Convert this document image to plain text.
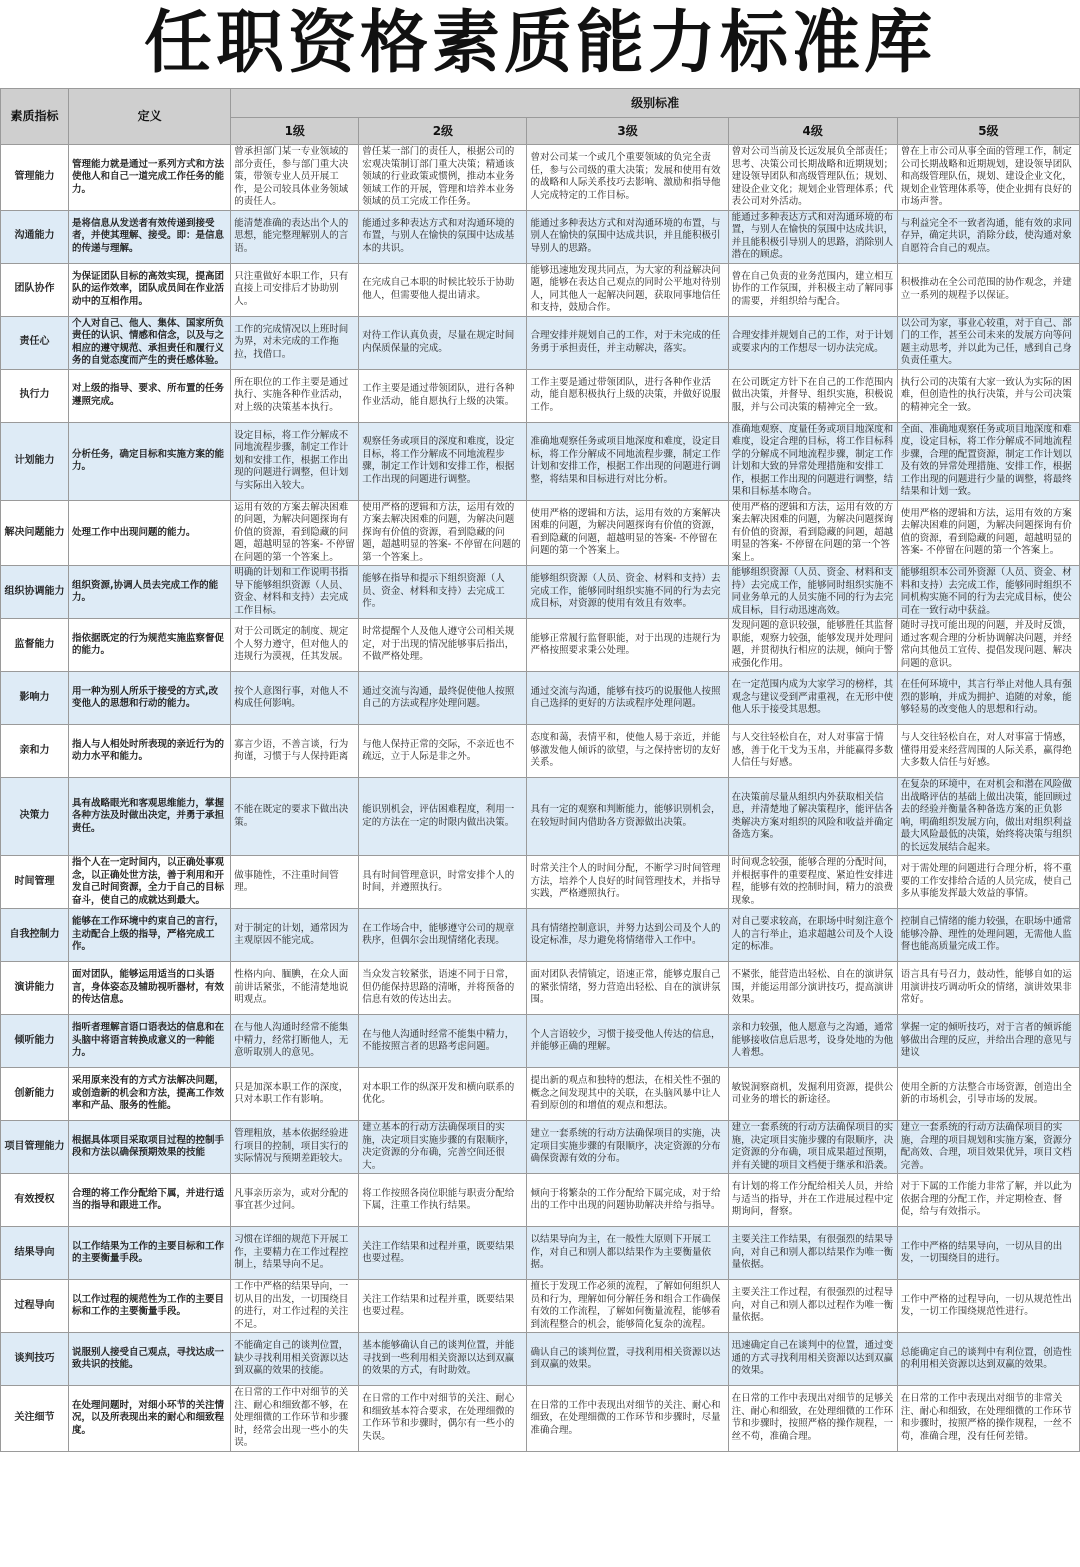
任职资格素质能力标准库
素质指标	定义	级别标准				
		1级	2级	3级	4级	5级
管理能力	管理能力就是通过一系列方式和方法使他人和自己一道完成工作任务的能力。	曾承担部门某一专业领域的部分责任，参与部门重大决策，带领专业人员开展工作，是公司较具体业务领域的责任人。	曾任某一部门的责任人，根据公司的宏观决策制订部门重大决策；精通该领域的行业政策或惯例，推动本业务领域工作的开展，管理和培养本业务领域的员工完成工作任务。	曾对公司某一个或几个重要领域的负完全责任，参与公司级的重大决策；发展和使用有效的战略和人际关系技巧去影响、激励和指导他人完成特定的工作目标。	曾对公司当前及长远发展负全部责任；思考、决策公司长期战略和近期规划；建设领导团队和高级管理队伍；规划、建设企业文化；规划企业管理体系；代表公司对外活动。	曾在上市公司从事全面的管理工作，制定公司长期战略和近期规划，建设领导团队和高级管理队伍，规划、建设企业文化，规划企业管理体系等，使企业拥有良好的市场声誉。
沟通能力	是将信息从发送者有效传递到接受者，并使其理解、接受。即：是信息的传递与理解。	能清楚准确的表达出个人的思想，能完整理解别人的言语。	能通过多种表达方式和对沟通环境的布置，与别人在愉快的氛围中达成基本的共识。	能通过多种表达方式和对沟通环境的布置，与别人在愉快的氛围中达成共识，并且能积极引导别人的思路。	能通过多种表达方式和对沟通环境的布置，与别人在愉快的氛围中达成共识，并且能积极引导别人的思路，消除别人潜在的顾虑。	与利益完全不一致者沟通，能有效的求同存异，确定共识，消除分歧，使沟通对象自愿符合自己的观点。
团队协作	为保证团队目标的高效实现，提高团队的运作效率，团队成员间在作业活动中的互相作用。	只注重做好本职工作，只有直接上司安排后才协助别人。	在完成自己本职的时候比较乐于协助他人，但需要他人提出请求。	能够迅速地发现共同点，为大家的利益解决问题，能够在表达自己观点的同时公平地对待别人，同其他人一起解决问题，获取同事地信任和支持，鼓励合作。	曾在自己负责的业务范围内，建立相互协作的工作氛围，并积极主动了解同事的需要，并组织给与配合。	积极推动在全公司范围的协作观念，并建立一系列的规程予以保证。
责任心	个人对自己、他人、集体、国家所负责任的认识、情感和信念，以及与之相应的遵守规范、承担责任和履行义务的自觉态度而产生的责任感体验。	工作的完成情况以上班时间为界，对未完成的工作拖拉，找借口。	对待工作认真负责，尽量在规定时间内保质保量的完成。	合理安排并规划自己的工作，对于未完成的任务勇于承担责任，并主动解决，落实。	合理安排并规划自己的工作，对于计划或要求内的工作想尽一切办法完成。	以公司为家，事业心较重，对于自己、部门的工作，甚至公司未来的发展方向等问题主动思考，并以此为己任，感到自己身负责任重大。
执行力	对上级的指导、要求、所布置的任务遵照完成。	所在职位的工作主要是通过执行、实施各种作业活动，对上级的决策基本执行。	工作主要是通过带领团队，进行各种作业活动，能自愿执行上级的决策。	工作主要是通过带领团队，进行各种作业活动，能自愿积极执行上级的决策，并做好说服工作。	在公司既定方针下在自己的工作范围内做出决策，并督导、组织实施，积极说服，并与公司决策的精神完全一致。	执行公司的决策有大家一致认为实际的困难，但创造性的执行决策，并与公司决策的精神完全一致。
计划能力	分析任务，确定目标和实施方案的能力。	设定目标，将工作分解成不同地流程步骤，制定工作计划和安排工作，根据工作出现的问题进行调整，但计划与实际出入较大。	观察任务或项目的深度和难度，设定目标，将工作分解成不同地流程步骤，制定工作计划和安排工作，根据工作出现的问题进行调整。	准确地观察任务或项目地深度和难度，设定目标，将工作分解成不同地流程步骤，制定工作计划和安排工作，根据工作出现的问题进行调整，将结果和目标进行对比分析。	准确地观察、度量任务或项目地深度和难度，设定合理的目标，将工作目标科学的分解成不同地流程步骤，制定工作计划和大致的异常处理措施和安排工作，根据工作出现的问题进行调整，结果和目标基本吻合。	全面、准确地观察任务或项目地深度和难度，设定目标，将工作分解成不同地流程步骤，合理的配置资源，制定工作计划以及有效的异常处理措施、安排工作，根据工作出现的问题进行少量的调整，将最终结果和计划一致。
解决问题能力	处理工作中出现问题的能力。	运用有效的方案去解决困难的问题，为解决问题探询有价值的资源，看到隐藏的问题，超越明显的答案- 不停留在问题的第一个答案上。	使用严格的逻辑和方法，运用有效的方案去解决困难的问题，为解决问题探询有价值的资源，看到隐藏的问题，超越明显的答案- 不停留在问题的第一个答案上。	使用严格的逻辑和方法，运用有效的方案解决困难的问题，为解决问题探询有价值的资源，看到隐藏的问题，超越明显的答案- 不停留在问题的第一个答案上。	使用严格的逻辑和方法，运用有效的方案去解决困难的问题，为解决问题探询有价值的资源，看到隐藏的问题，超越明显的答案- 不停留在问题的第一个答案上。	使用严格的逻辑和方法，运用有效的方案去解决困难的问题，为解决问题探询有价值的资源，看到隐藏的问题，超越明显的答案- 不停留在问题的第一个答案上。
组织协调能力	组织资源,协调人员去完成工作的能力。	明确的计划和工作说明书指导下能够组织资源（人员、资金、材料和支持）去完成工作目标。	能够在指导和提示下组织资源（人员、资金、材料和支持）去完成工作。	能够组织资源（人员、资金、材料和支持）去完成工作，能够同时组织实施不同的行为去完成目标，对资源的使用有效且有效率。	能够组织资源（人员、资金、材料和支持）去完成工作，能够同时组织实施不同业务单元的人员实施不同的行为去完成目标，目行动迅速高效。	能够组织本公司外资源（人员、资金、材料和支持）去完成工作，能够同时组织不同机构实施不同的行为去完成目标，使公司在一致行动中获益。
监督能力	指依据既定的行为规范实施监察督促的能力。	对于公司既定的制度、规定个人努力遵守，但对他人的违规行为漠视，任其发展。	时常提醒个人及他人遵守公司相关规定，对于出现的情况能够事后指出，不做严格处理。	能够正常履行监督职能，对于出现的违规行为严格按照要求秉公处理。	发现问题的意识较强，能够胜任其监督职能，观察力较强，能够发现并处理问题，并贯彻执行相应的法规，倾向于警戒强化作用。	随时寻找可能出现的问题，并及时反馈，通过客观合理的分析协调解决问题，并经常向其他员工宣传、提倡发现问题、解决问题的意识。
影响力	用一种为别人所乐于接受的方式,改变他人的思想和行动的能力。	按个人意图行事，对他人不构成任何影响。	通过交流与沟通，最终促使他人按照自己的方法或程序处理问题。	通过交流与沟通，能够有技巧的说服他人按照自己选择的更好的方法或程序处理问题。	在一定范围内成为大家学习的榜样，其观念与建议受到严肃重视，在无形中使他人乐于接受其思想。	在任何环境中，其言行举止对他人具有强烈的影响，并成为拥护、追随的对象，能够轻易的改变他人的思想和行动。
亲和力	指人与人相处时所表现的亲近行为的动力水平和能力。	寡言少语，不善言谈，行为拘谨，习惯于与人保持距离	与他人保持正常的交际，不亲近也不疏远，立于人际是非之外。	态度和蔼，表情平和，使他人易于亲近，并能够激发他人倾诉的欲望，与之保持密切的友好关系。	与人交往轻松自在，对人对事富于情感，善于化干戈为玉帛，并能赢得多数人信任与好感。	与人交往轻松自在，对人对事富于情感，懂得用爱来经营周围的人际关系，赢得绝大多数人信任与好感。
决策力	具有战略眼光和客观思维能力，掌握各种方法及时做出决定，并勇于承担责任。	不能在既定的要求下做出决策。	能识别机会，评估困难程度，利用一定的方法在一定的时限内做出决策。	具有一定的观察和判断能力，能够识别机会，在较短时间内借助各方资源做出决策。	在决策前尽量从组织内外获取相关信息，并清楚地了解决策程序，能评估各类解决方案对组织的风险和收益并确定备选方案。	在复杂的环境中，在对机会和潜在风险做出战略评估的基础上做出决策，能回顾过去的经验并衡量各种备选方案的正负影响，明确组织发展方向，做出对组织利益最大风险最低的决策，始终将决策与组织的长远发展结合起来。
时间管理	指个人在一定时间内，以正确处事观念，以正确处世方法，善于利用和开发自己时间资源，全力于自己的目标奋斗，使自己的成就达到最大。	做事随性，不注重时间管理。	具有时间管理意识，时常安排个人的时间，并遵照执行。	时常关注个人的时间分配，不断学习时间管理方法，培养个人良好的时间管理技术，并指导实践，严格遵照执行。	时间观念较强，能够合理的分配时间，并根据事件的重要程度、紧迫性安排进程，能够有效的控制时间，精力的浪费现象。	对于需处理的问题进行合理分析，将不重要的工作安排给合适的人员完成，使自己多从事能发挥最大效益的事情。
自我控制力	能够在工作环境中约束自己的言行，主动配合上级的指导，严格完成工作。	对于制定的计划，通常因为主观原因不能完成。	在工作场合中，能够遵守公司的规章秩序，但偶尔会出现情绪化表现。	具有情绪控制意识，并努力达到公司及个人的设定标准，尽力避免将情绪带入工作中。	对自己要求较高，在职场中时刻注意个人的言行举止，追求超越公司及个人设定的标准。	控制自己情绪的能力较强，在职场中通常能够冷静、理性的处理问题，无需他人监督也能高质量完成工作。
演讲能力	面对团队，能够运用适当的口头语言，身体姿态及辅助视听器材，有效的传达信息。	性格内向、腼腆，在众人面前讲话紧张，不能清楚地说明观点。	当众发言较紧张，语速不同于日常，但仍能保持思路的清晰，并将预备的信息有效的传达出去。	面对团队表情镇定，语速正常，能够克服自己的紧张情绪，努力营造出轻松、自在的演讲氛围。	不紧张，能营造出轻松、自在的演讲氛围，并能运用部分演讲技巧，提高演讲效果。	语言具有号召力，鼓动性，能够自如的运用演讲技巧调动听众的情绪，演讲效果非常好。
倾听能力	指听者理解言语口语表达的信息和在头脑中将语言转换成意义的一种能力。	在与他人沟通时经常不能集中精力，经常打断他人，无意听取别人的意见。	在与他人沟通时经常不能集中精力，不能按照言者的思路考虑问题。	个人言语较少，习惯于接受他人传达的信息，并能够正确的理解。	亲和力较强，他人愿意与之沟通，通常能够接收信息后思考，设身处地的为他人着想。	掌握一定的倾听技巧，对于言者的倾诉能够做出合理的反应，并给出合理的意见与建议
创新能力	采用原来没有的方式方法解决问题，或创造新的机会和方法，提高工作效率和产品、服务的性能。	只是加深本职工作的深度，只对本职工作有影响。	对本职工作的纵深开发和横向联系的优化。	提出新的观点和独特的想法，在相关性不强的概念之间发现其中的关联，在头脑风暴中让人看到原创的和增值的观点和想法。	敏锐洞察商机，发掘利用资源，提供公司业务的增长的新途径。	使用全新的方法整合市场资源，创造出全新的市场机会，引导市场的发展。
项目管理能力	根据具体项目采取项目过程的控制手段和方法以确保预期效果的技能	管理粗放，基本依据经验进行项目的控制，项目实行的实际情况与预期差距较大。	建立基本的行动方法确保项目的实施，决定项目实施步骤的有限顺序，决定资源的分布确，完善空间还很大。	建立一套系统的行动方法确保项目的实施，决定项目实施步骤的有限顺序，决定资源的分布确保资源有效的分布。	建立一套系统的行动方法确保项目的实施，决定项目实施步骤的有限顺序，决定资源的分布确，项目成果超过预期，并有关键的项目文档便于继承和沿袭。	建立一套系统的行动方法确保项目的实施，合理的项目规划和实施方案，资源分配高效、合理，项目效果优异，项目文档完善。
有效授权	合理的将工作分配给下属，并进行适当的指导和跟进工作。	凡事亲历亲为，或对分配的事宜甚少过问。	将工作按照各岗位职能与职责分配给下属，注重工作执行结果。	倾向于将繁杂的工作分配给下属完成，对于给出的工作中出现的问题协助解决并给与指导。	有计划的将工作分配给相关人员，并给与适当的指导，并在工作进展过程中定期询问，督察。	对于下属的工作能力非常了解，并以此为依据合理的分配工作，并定期检查、督促，给与有效指示。
结果导向	以工作结果为工作的主要目标和工作的主要衡量手段。	习惯在详细的规范下开展工作，主要精力在工作过程控制上，结果导向不足。	关注工作结果和过程并重，既要结果也要过程。	以结果导向为主，在一般性大原则下开展工作，对自己和别人都以结果作为主要衡量依据。	主要关注工作结果，有很强烈的结果导向，对自己和别人都以结果作为唯一衡量依据。	工作中严格的结果导向，一切从目的出发，一切围绕目的进行。
过程导向	以工作过程的规范性为工作的主要目标和工作的主要衡量手段。	工作中严格的结果导向，一切从目的出发，一切围绕目的进行，对工作过程的关注不足。	关注工作结果和过程并重，既要结果也要过程。	擅长于发现工作必须的流程，了解如何组织人员和行为，理解如何分解任务和组合工作确保有效的工作流程，了解如何衡量流程，能够看到流程整合的机会，能够简化复杂的流程。	主要关注工作过程，有很强烈的过程导向，对自己和别人都以过程作为唯一衡量依据。	工作中严格的过程导向，一切从规范性出发，一切工作围绕规范性进行。
谈判技巧	说服别人接受自己观点，寻找达成一致共识的技能。	不能确定自己的谈判位置，缺少寻找利用相关资源以达到双赢的效果的技能。	基本能够确认自己的谈判位置，并能寻找到一些利用相关资源以达到双赢的效果的方式，有时助效。	确认自己的谈判位置，寻找利用相关资源以达到双赢的效果。	迅速确定自己在谈判中的位置，通过变通的方式寻找利用相关资源以达到双赢的效果。	总能确定自己的谈判中有利位置，创造性的利用相关资源以达到双赢的效果。
关注细节	在处理问题时，对细小环节的关注情况，以及所表现出来的耐心和细致程度。	在日常的工作中对细节的关注、耐心和细致都不够，在处理细微的工作环节和步骤时，经常会出现一些小的失误。	在日常的工作中对细节的关注、耐心和细致基本符合要求，在处理细微的工作环节和步骤时，偶尔有一些小的失误。	在日常的工作中表现出对细节的关注、耐心和细致，在处理细微的工作环节和步骤时，尽量准确合理。	在日常的工作中表现出对细节的足够关注、耐心和细致，在处理细微的工作环节和步骤时，按照严格的操作规程，一丝不苟，准确合理。	在日常的工作中表现出对细节的非常关注、耐心和细致，在处理细微的工作环节和步骤时，按照严格的操作规程，一丝不苟，准确合理，没有任何差错。
